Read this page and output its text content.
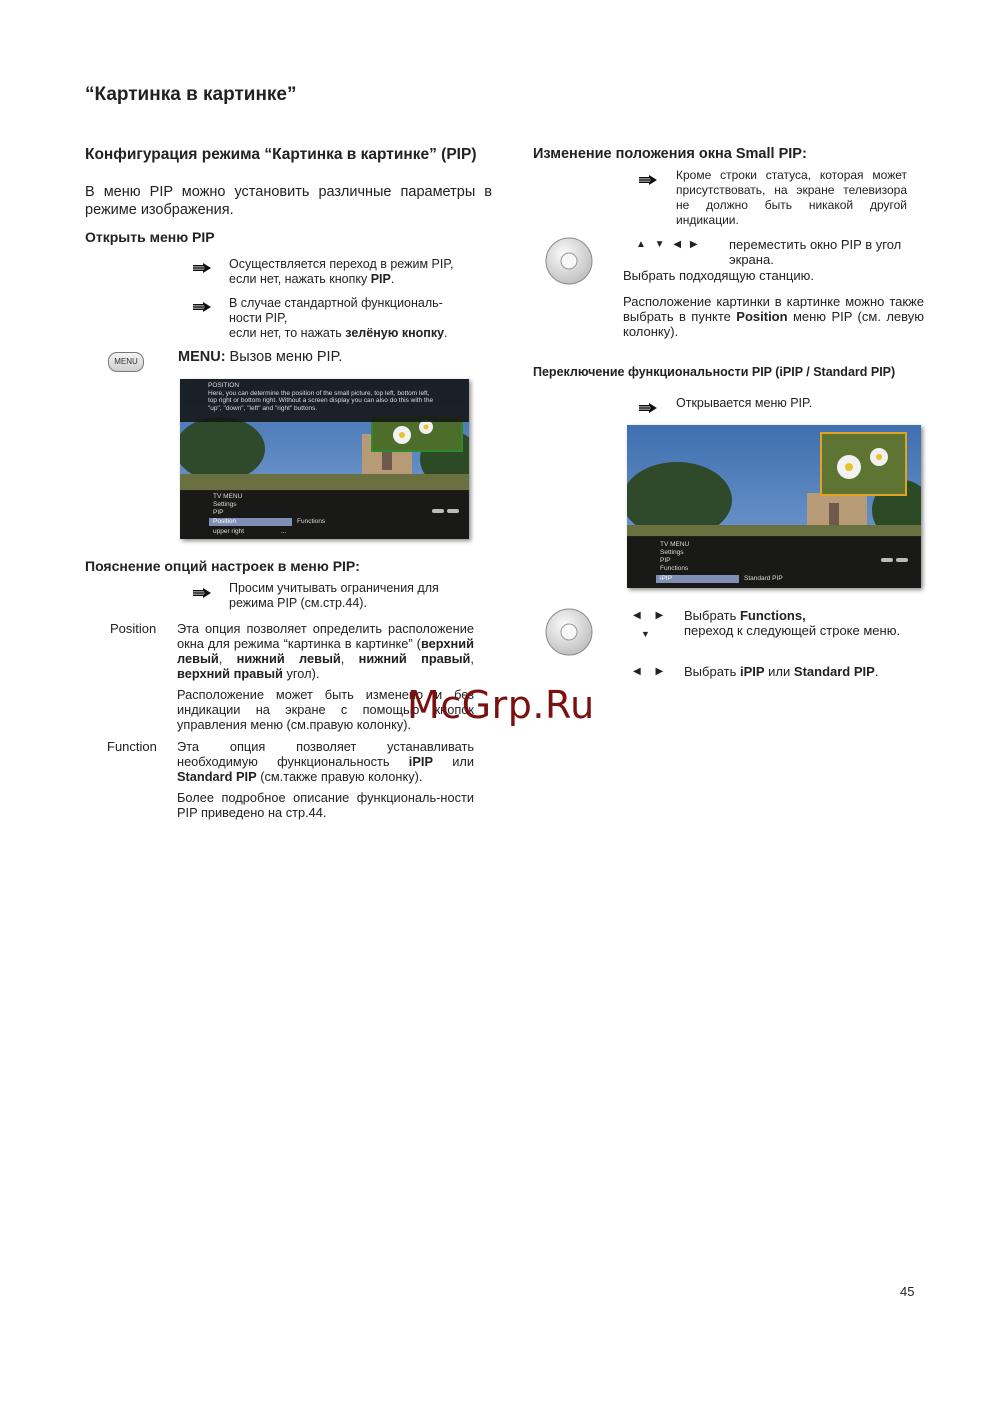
“Картинка в картинке”
Конфигурация режима “Картинка в картинке” (PIP)
В меню PIP можно установить различные параметры в режиме изображения.
Открыть меню PIP
Осуществляется переход в режим PIP,
если нет, нажать кнопку PIP.
В случае стандартной функциональ-
ности PIP,
если нет, то нажать зелёную кнопку.
MENU	MENU: Вызов меню PIP.
POSITION
Here, you can determine the position of the small picture, top left, bottom left,
top right or bottom right. Without a screen display you can also do this with the
"up", "down", "left" and "right" buttons.
TV MENU
Settings
PIP
Position	Functions
upper right	...
Пояснение опций настроек в меню PIP:
Просим учитывать ограничения для
режима PIP (см.стр.44).
Position Эта опция позволяет определить расположение окна для режима “картинка в картинке” (верхний левый, нижний левый, нижний правый, верхний правый угол).
Расположение может быть изменено и без индикации на экране с помощью кнопок управления меню (см.правую колонку).
Function Эта опция позволяет устанавливать необходимую функциональность iPIP или Standard PIP (см.также правую колонку).
Более подробное описание функциональ-ности PIP приведено на стр.44.
Изменение положения окна Small PIP:
Кроме строки статуса, которая может присутствовать, на экране телевизора не должно быть никакой другой индикации.
▲ ▼ ◀ ▶ переместить окно PIP в угол
экрана.
Выбрать подходящую станцию.
Расположение картинки в картинке можно также выбрать в пункте Position меню PIP (см. левую колонку).
Переключение функциональности PIP (iPIP / Standard PIP)
Открывается меню PIP.
TV MENU
Settings
PIP
Functions
iPIP	Standard PIP
◀ ▶
▼
Выбрать Functions,
переход к следующей строке меню.
◀ ▶ Выбрать iPIP или Standard PIP.
McGrp.Ru
45
